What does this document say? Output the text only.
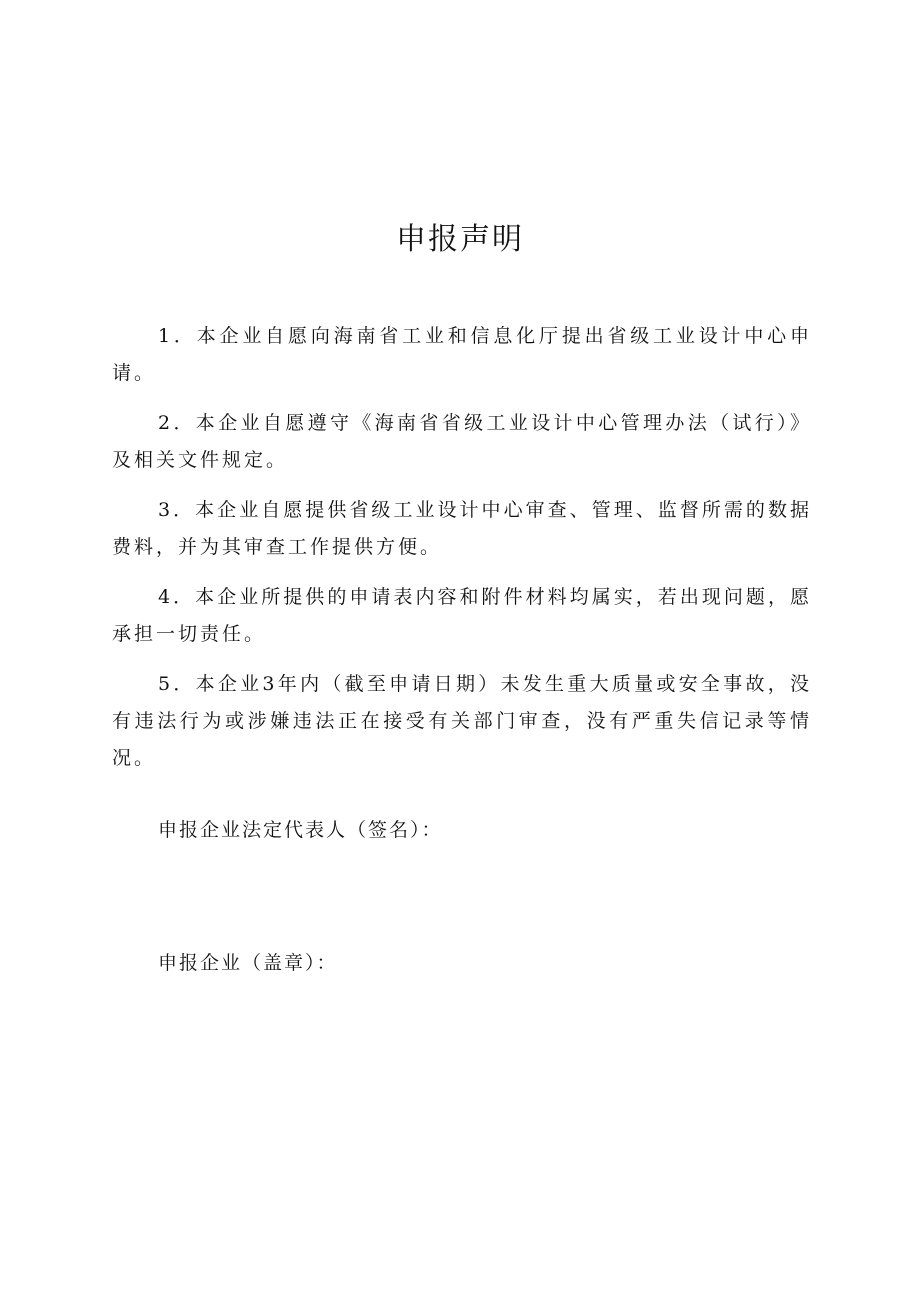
申报声明

1．本企业自愿向海南省工业和信息化厅提出省级工业设计中心申请。

2．本企业自愿遵守《海南省省级工业设计中心管理办法（试行）》及相关文件规定。

3．本企业自愿提供省级工业设计中心审查、管理、监督所需的数据费料，并为其审查工作提供方便。

4．本企业所提供的申请表内容和附件材料均属实，若出现问题，愿承担一切责任。

5．本企业3年内（截至申请日期）未发生重大质量或安全事故，没有违法行为或涉嫌违法正在接受有关部门审查，没有严重失信记录等情况。

申报企业法定代表人（签名）：
申报企业（盖章）：
